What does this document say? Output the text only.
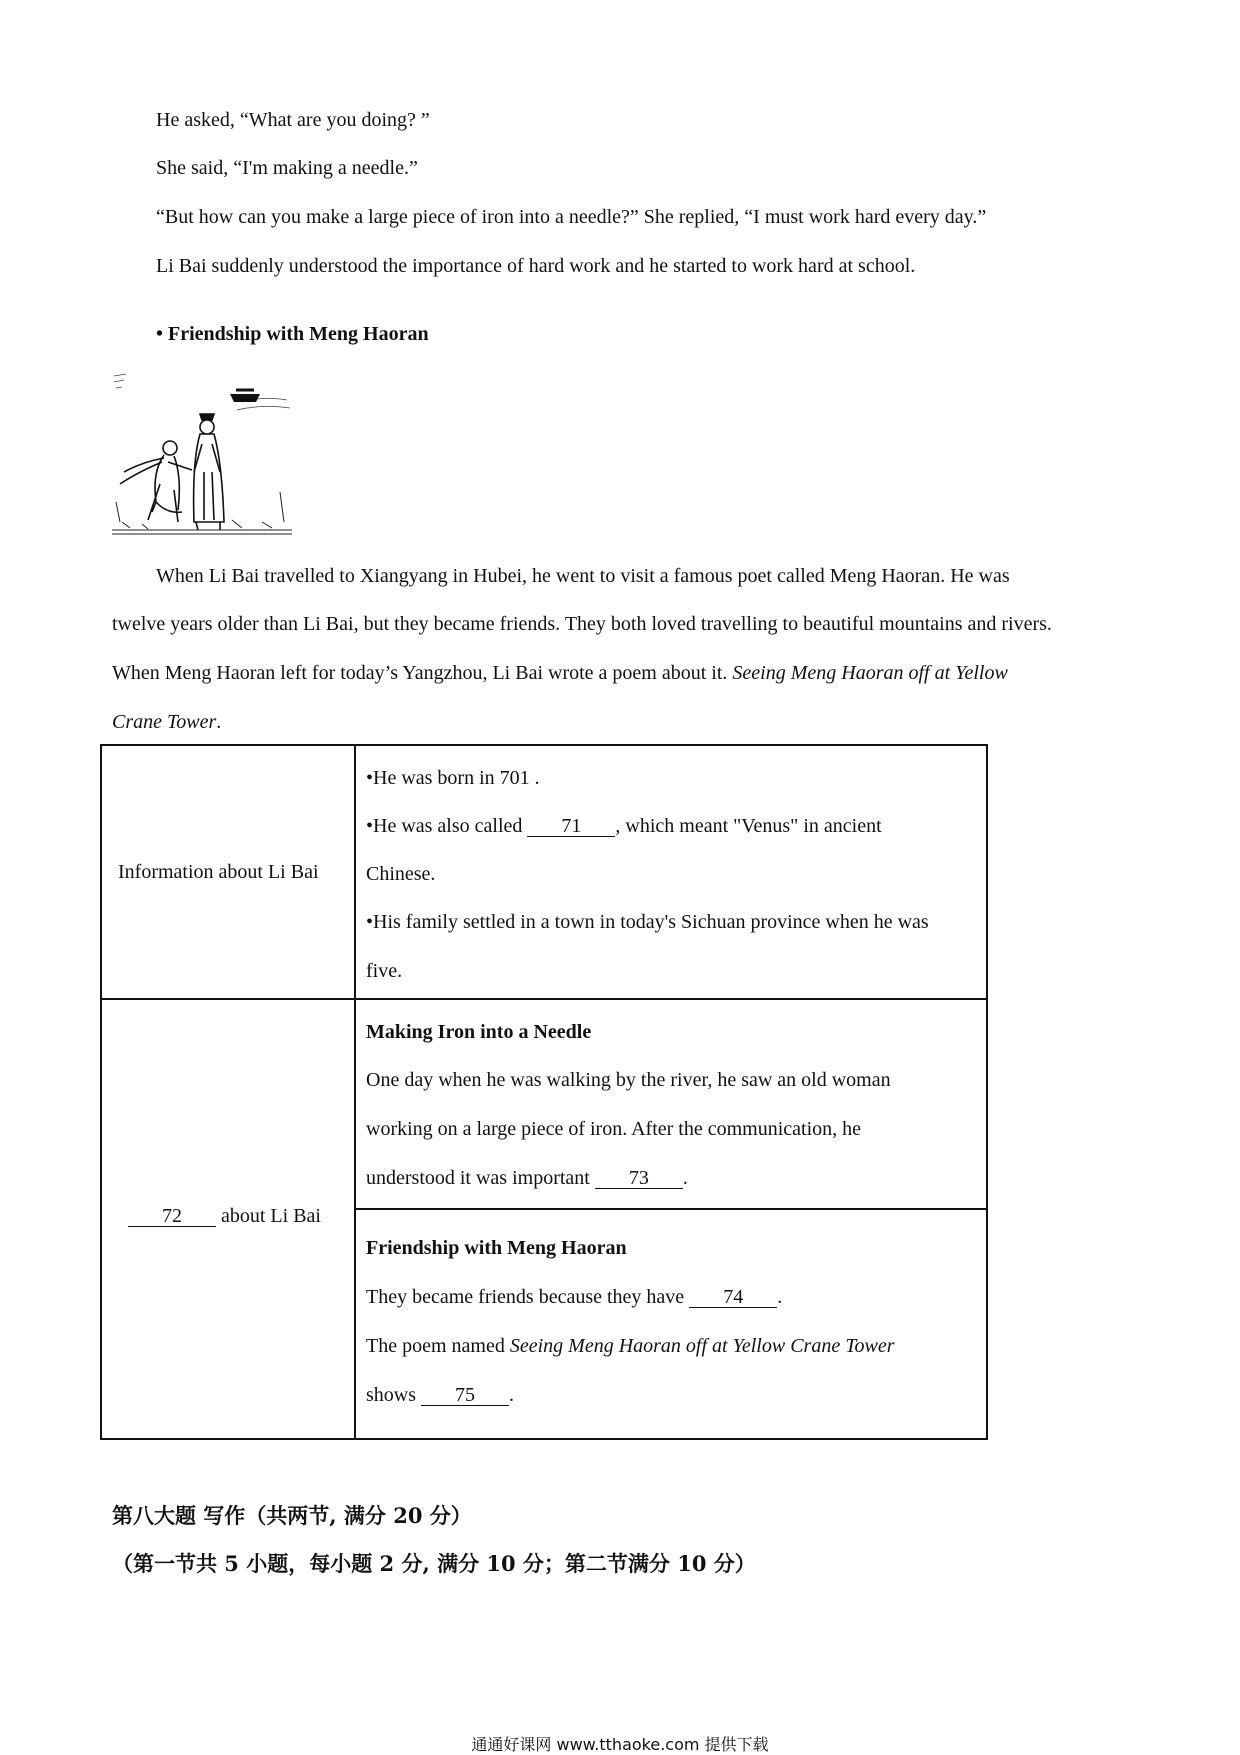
He asked, “What are you doing? ”
She said, “I'm making a needle.”
“But how can you make a large piece of iron into a needle?” She replied, “I must work hard every day.”
Li Bai suddenly understood the importance of hard work and he started to work hard at school.
• Friendship with Meng Haoran
When Li Bai travelled to Xiangyang in Hubei, he went to visit a famous poet called Meng Haoran. He was
twelve years older than Li Bai, but they became friends. They both loved travelling to beautiful mountains and rivers.
When Meng Haoran left for today’s Yangzhou, Li Bai wrote a poem about it. Seeing Meng Haoran off at Yellow
Crane Tower.
Information about Li Bai
•He was born in 701 .
•He was also called 71 , which meant "Venus" in ancient
Chinese.
•His family settled in a town in today's Sichuan province when he was
five.
72 about Li Bai
Making Iron into a Needle
One day when he was walking by the river, he saw an old woman
working on a large piece of iron. After the communication, he
understood it was important 73 .
Friendship with Meng Haoran
They became friends because they have 74 .
The poem named Seeing Meng Haoran off at Yellow Crane Tower
shows 75 .
第八大题 写作（共两节, 满分 20 分）
（第一节共 5 小题，每小题 2 分, 满分 10 分；第二节满分 10 分）
通通好课网 www.tthaoke.com 提供下载
